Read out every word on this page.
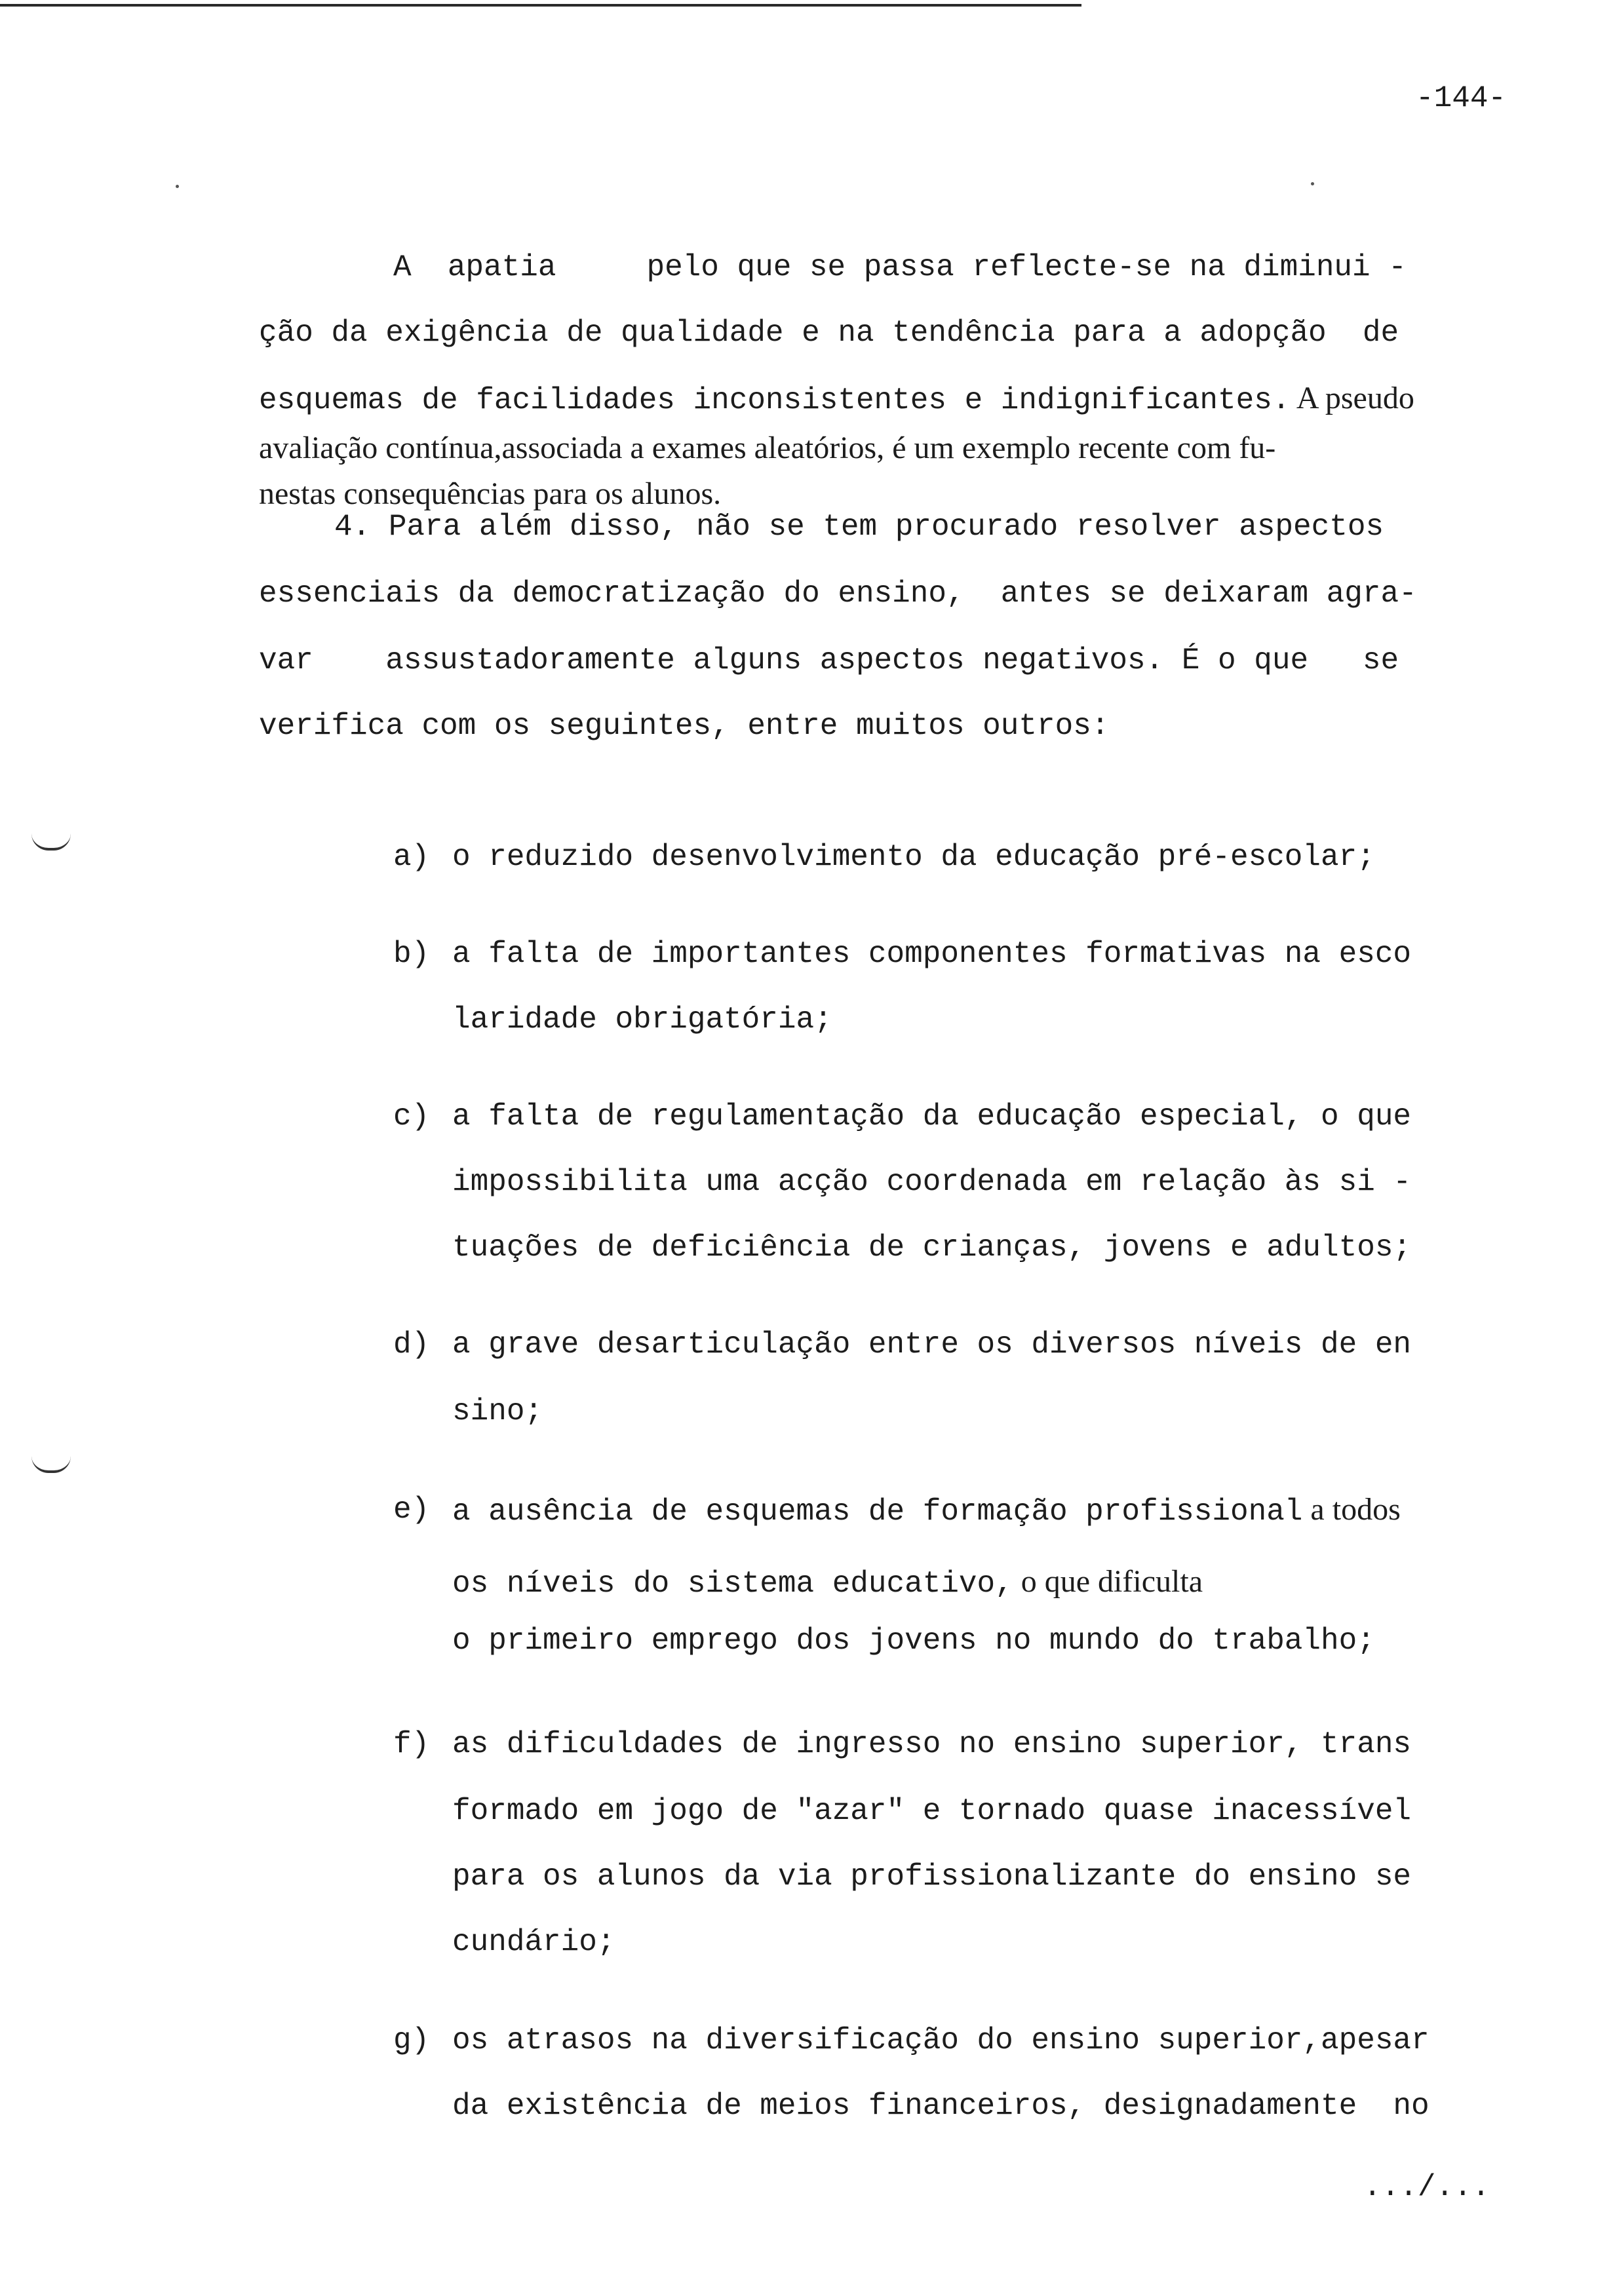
-144-
A  apatia     pelo que se passa reflecte-se na diminui -
ção da exigência de qualidade e na tendência para a adopção  de
esquemas de facilidades inconsistentes e indignificantes. A pseudo
avaliação contínua,associada a exames aleatórios, é um exemplo recente com fu-
nestas consequências para os alunos.
4. Para além disso, não se tem procurado resolver aspectos
essenciais da democratização do ensino,  antes se deixaram agra-
var    assustadoramente alguns aspectos negativos. É o que   se
verifica com os seguintes, entre muitos outros:
a) o reduzido desenvolvimento da educação pré-escolar;
b) a falta de importantes componentes formativas na esco
laridade obrigatória;
c) a falta de regulamentação da educação especial, o que
impossibilita uma acção coordenada em relação às si -
tuações de deficiência de crianças, jovens e adultos;
d) a grave desarticulação entre os diversos níveis de en
sino;
e) a ausência de esquemas de formação profissional a todos
os níveis do sistema educativo, o que dificulta
o primeiro emprego dos jovens no mundo do trabalho;
f) as dificuldades de ingresso no ensino superior, trans
formado em jogo de "azar" e tornado quase inacessível
para os alunos da via profissionalizante do ensino se
cundário;
g) os atrasos na diversificação do ensino superior,apesar
da existência de meios financeiros, designadamente  no
.../...
